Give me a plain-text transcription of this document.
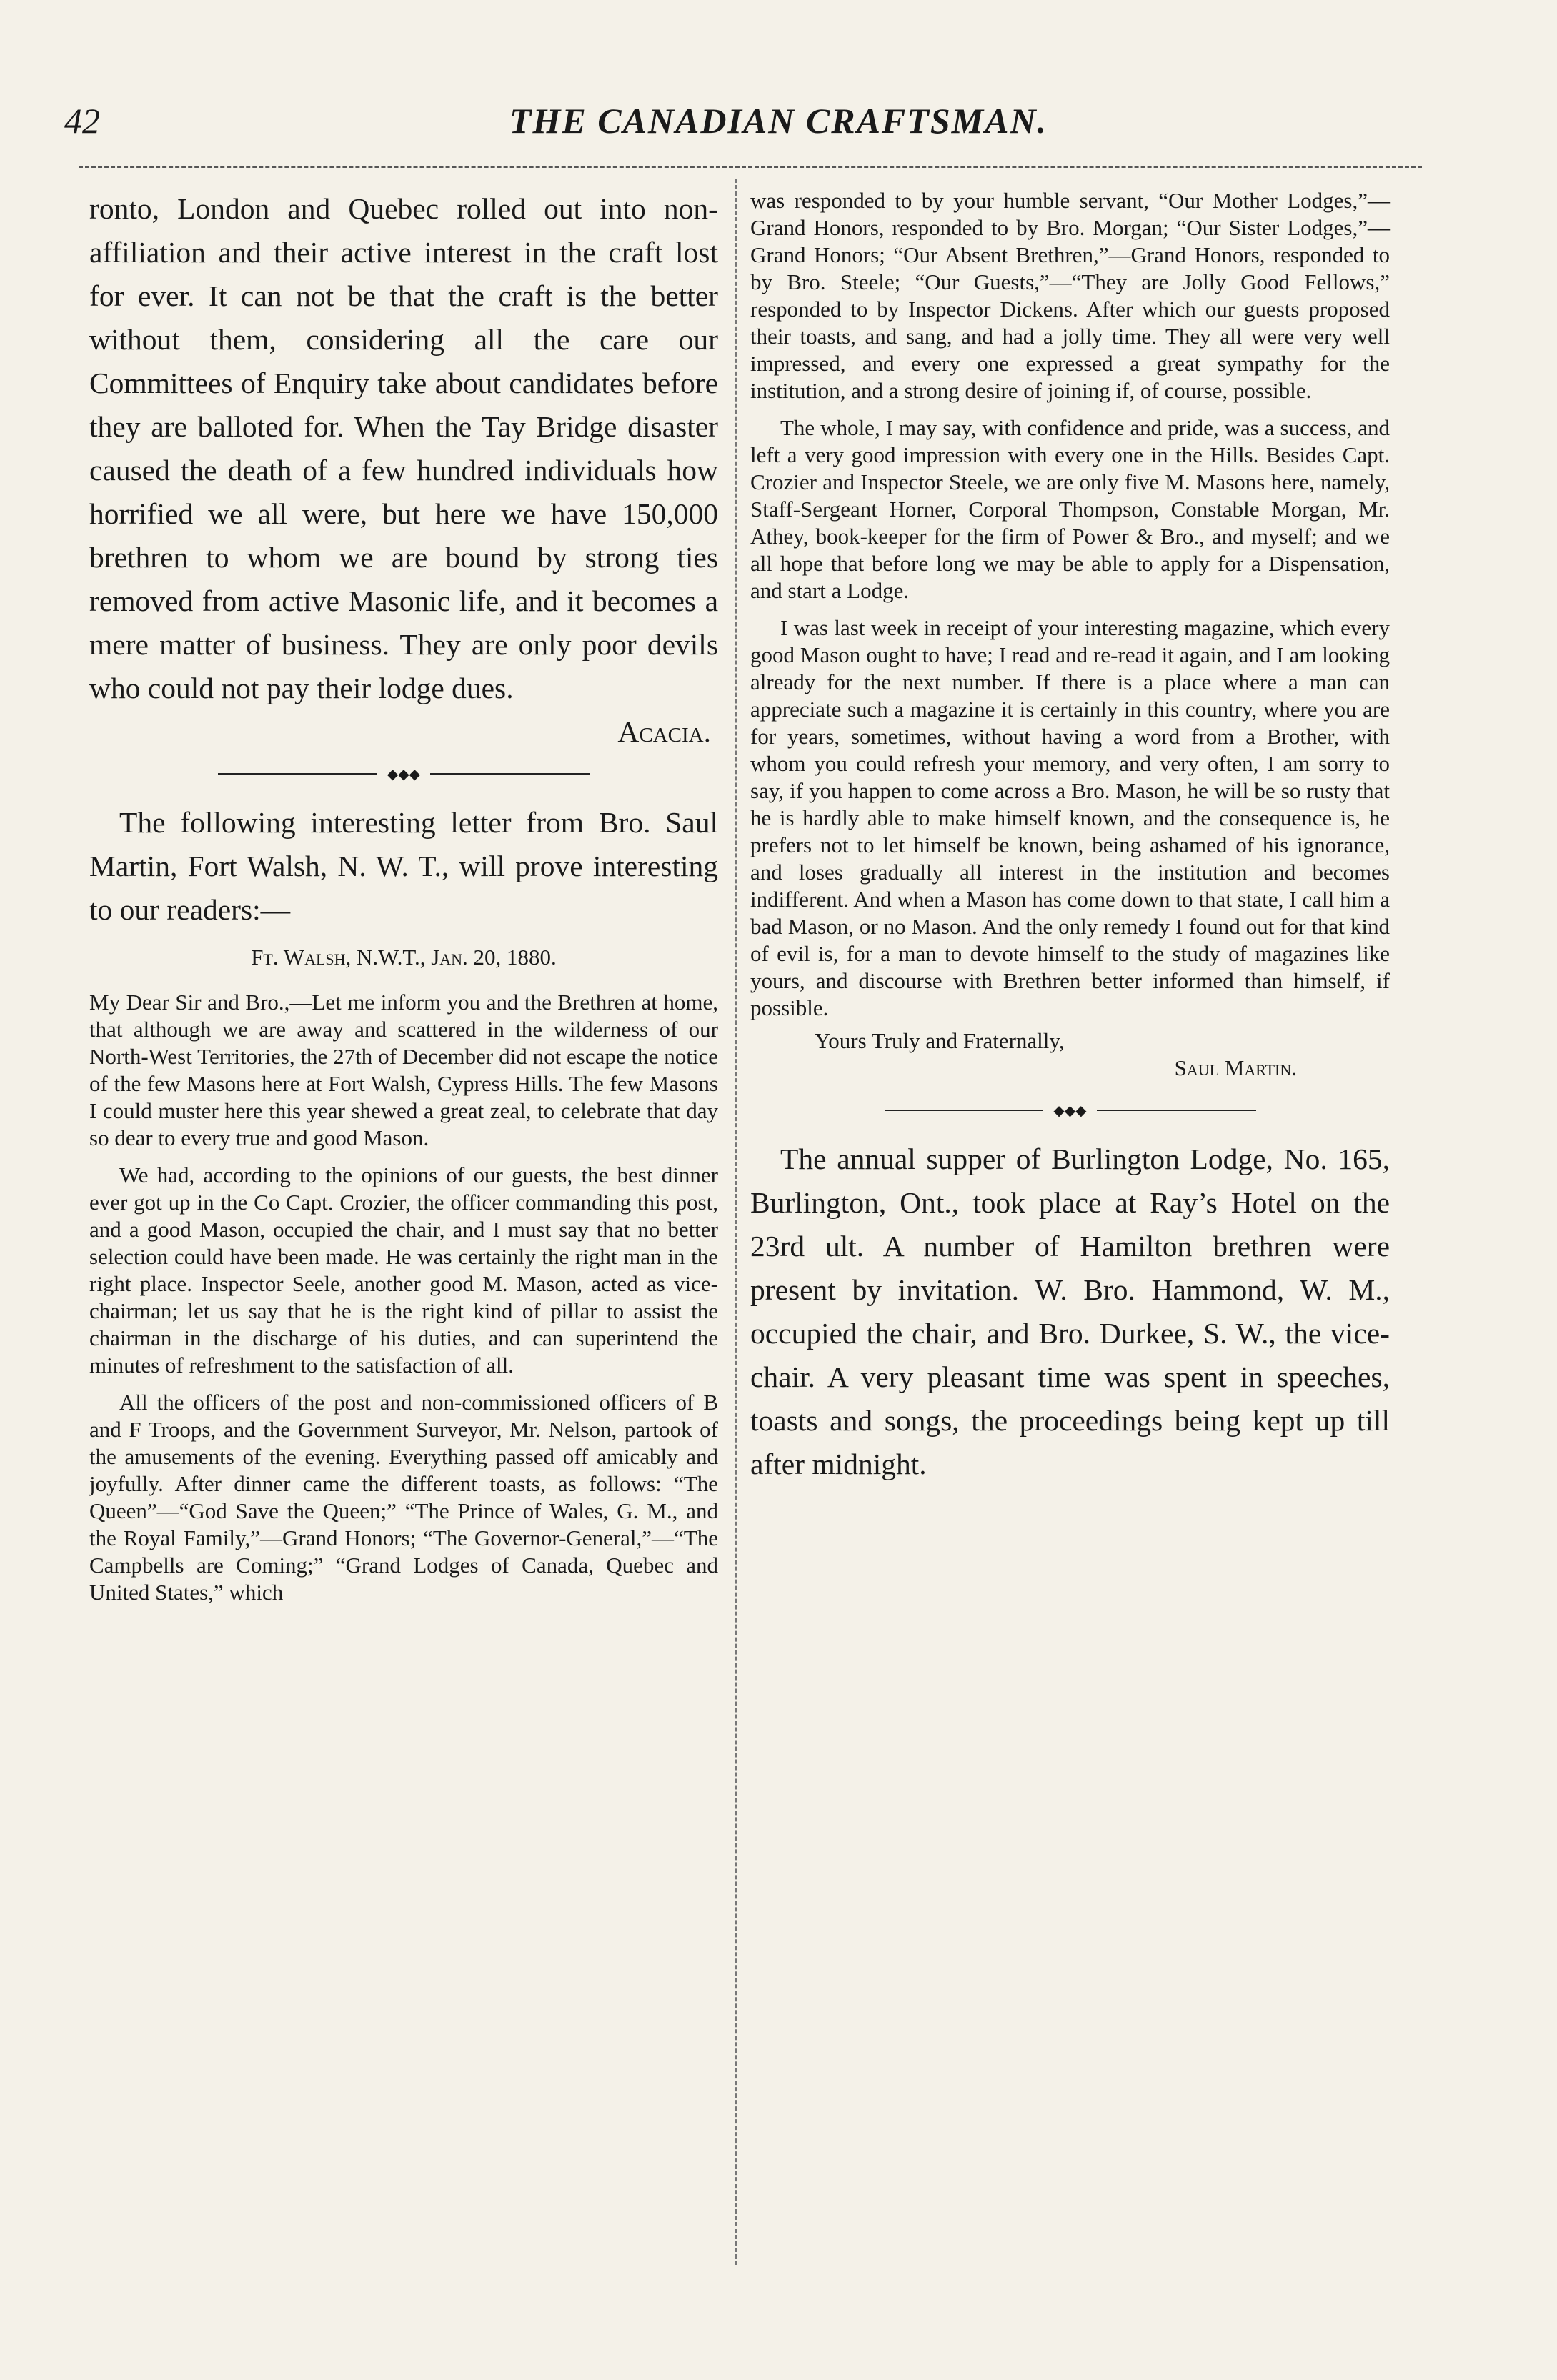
42	THE CANADIAN CRAFTSMAN.

ronto, London and Quebec rolled out into non-affiliation and their active interest in the craft lost for ever. It can not be that the craft is the better without them, considering all the care our Committees of Enquiry take about candidates before they are balloted for. When the Tay Bridge disaster caused the death of a few hundred individuals how horrified we all were, but here we have 150,000 brethren to whom we are bound by strong ties removed from active Masonic life, and it becomes a mere matter of business. They are only poor devils who could not pay their lodge dues.

Acacia.

◆◆◆

The following interesting letter from Bro. Saul Martin, Fort Walsh, N. W. T., will prove interesting to our readers:—

Ft. Walsh, N.W.T., Jan. 20, 1880.

My Dear Sir and Bro.,—Let me inform you and the Brethren at home, that although we are away and scattered in the wilderness of our North-West Territories, the 27th of December did not escape the notice of the few Masons here at Fort Walsh, Cypress Hills. The few Masons I could muster here this year shewed a great zeal, to celebrate that day so dear to every true and good Mason.

We had, according to the opinions of our guests, the best dinner ever got up in the Co Capt. Crozier, the officer commanding this post, and a good Mason, occupied the chair, and I must say that no better selection could have been made. He was certainly the right man in the right place. Inspector Seele, another good M. Mason, acted as vice-chairman; let us say that he is the right kind of pillar to assist the chairman in the discharge of his duties, and can superintend the minutes of refreshment to the satisfaction of all.

All the officers of the post and non-commissioned officers of B and F Troops, and the Government Surveyor, Mr. Nelson, partook of the amusements of the evening. Everything passed off amicably and joyfully. After dinner came the different toasts, as follows: “The Queen”—“God Save the Queen;” “The Prince of Wales, G. M., and the Royal Family,”—Grand Honors; “The Governor-General,”—“The Campbells are Coming;” “Grand Lodges of Canada, Quebec and United States,” which

was responded to by your humble servant, “Our Mother Lodges,”—Grand Honors, responded to by Bro. Morgan; “Our Sister Lodges,”—Grand Honors; “Our Absent Brethren,”—Grand Honors, responded to by Bro. Steele; “Our Guests,”—“They are Jolly Good Fellows,” responded to by Inspector Dickens. After which our guests proposed their toasts, and sang, and had a jolly time. They all were very well impressed, and every one expressed a great sympathy for the institution, and a strong desire of joining if, of course, possible.

The whole, I may say, with confidence and pride, was a success, and left a very good impression with every one in the Hills. Besides Capt. Crozier and Inspector Steele, we are only five M. Masons here, namely, Staff-Sergeant Horner, Corporal Thompson, Constable Morgan, Mr. Athey, book-keeper for the firm of Power & Bro., and myself; and we all hope that before long we may be able to apply for a Dispensation, and start a Lodge.

I was last week in receipt of your interesting magazine, which every good Mason ought to have; I read and re-read it again, and I am looking already for the next number. If there is a place where a man can appreciate such a magazine it is certainly in this country, where you are for years, sometimes, without having a word from a Brother, with whom you could refresh your memory, and very often, I am sorry to say, if you happen to come across a Bro. Mason, he will be so rusty that he is hardly able to make himself known, and the consequence is, he prefers not to let himself be known, being ashamed of his ignorance, and loses gradually all interest in the institution and becomes indifferent. And when a Mason has come down to that state, I call him a bad Mason, or no Mason. And the only remedy I found out for that kind of evil is, for a man to devote himself to the study of magazines like yours, and discourse with Brethren better informed than himself, if possible.

Yours Truly and Fraternally,

Saul Martin.

◆◆◆

The annual supper of Burlington Lodge, No. 165, Burlington, Ont., took place at Ray’s Hotel on the 23rd ult. A number of Hamilton brethren were present by invitation. W. Bro. Hammond, W. M., occupied the chair, and Bro. Durkee, S. W., the vice-chair. A very pleasant time was spent in speeches, toasts and songs, the proceedings being kept up till after midnight.
